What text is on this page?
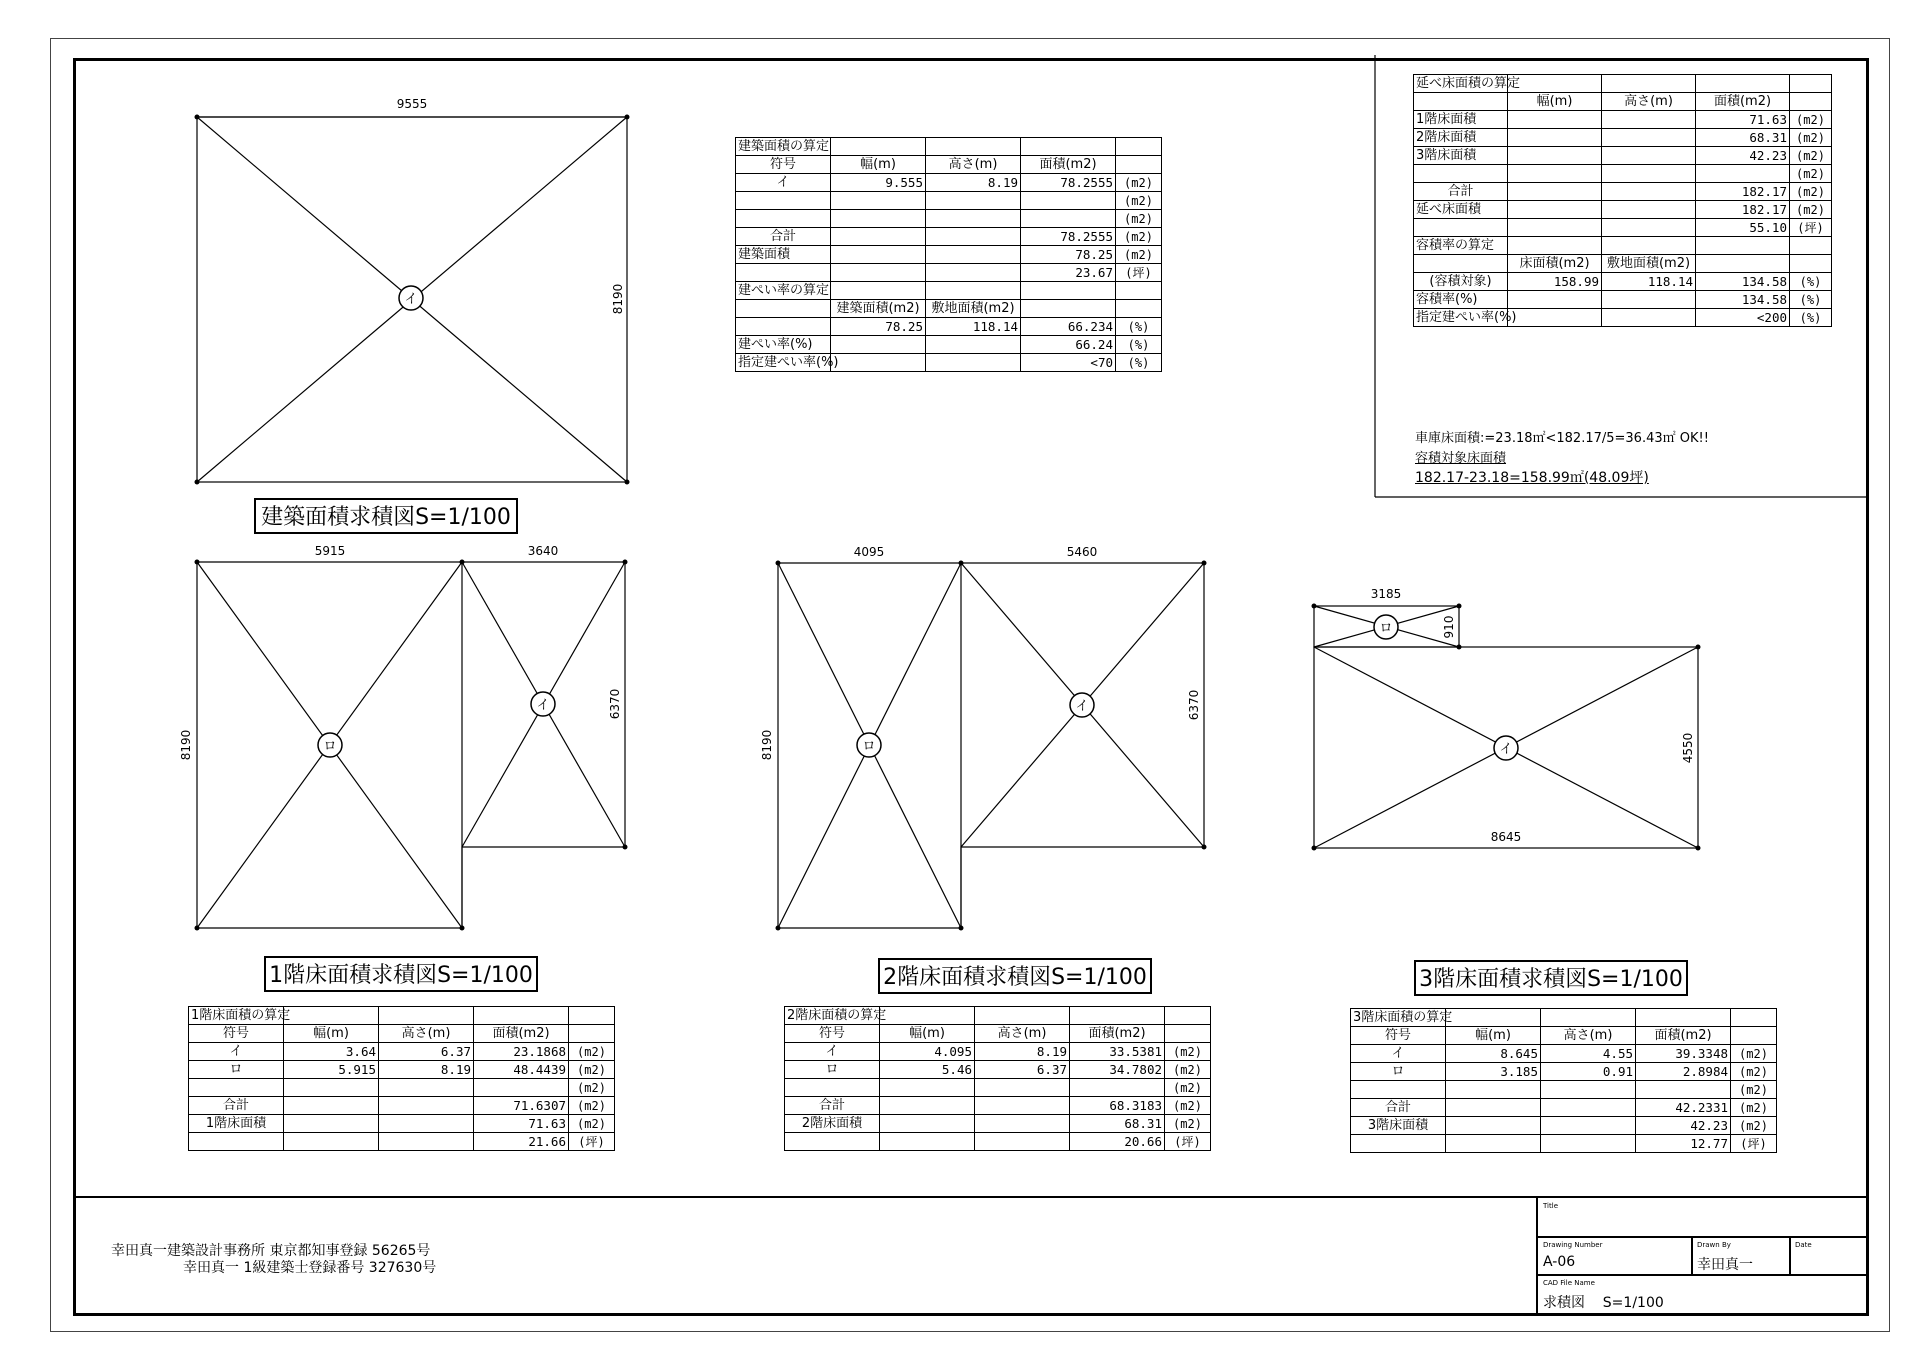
イ
ロ
イ
ロ
イ
ロ
イ
9555
8190
5915	3640
8190
6370
4095	5460
8190
6370
3185
910
8645
4550
建築面積求積図S=1/100
1階床面積求積図S=1/100	2階床面積求積図S=1/100	3階床面積求積図S=1/100
建築面積の算定				
符号	幅(m)	高さ(m)	面積(m2)	
イ	9.555	8.19	78.2555	(m2)
				(m2)
				(m2)
合計			78.2555	(m2)
建築面積			78.25	(m2)
			23.67	(坪)
建ぺい率の算定				
	建築面積(m2)	敷地面積(m2)		
	78.25	118.14	66.234	(%)
建ぺい率(%)			66.24	(%)
指定建ぺい率(%)			<70	(%)
延べ床面積の算定				
	幅(m)	高さ(m)	面積(m2)	
1階床面積			71.63	(m2)
2階床面積			68.31	(m2)
3階床面積			42.23	(m2)
				(m2)
合計			182.17	(m2)
延べ床面積			182.17	(m2)
			55.10	(坪)
容積率の算定				
	床面積(m2)	敷地面積(m2)		
(容積対象)	158.99	118.14	134.58	(%)
容積率(%)			134.58	(%)
指定建ぺい率(%)			<200	(%)
車庫床面積:=23.18㎡<182.17/5=36.43㎡ OK!!
容積対象床面積
182.17-23.18=158.99㎡(48.09坪)
1階床面積の算定				
符号	幅(m)	高さ(m)	面積(m2)	
イ	3.64	6.37	23.1868	(m2)
ロ	5.915	8.19	48.4439	(m2)
				(m2)
合計			71.6307	(m2)
1階床面積			71.63	(m2)
			21.66	(坪)
2階床面積の算定				
符号	幅(m)	高さ(m)	面積(m2)	
イ	4.095	8.19	33.5381	(m2)
ロ	5.46	6.37	34.7802	(m2)
				(m2)
合計			68.3183	(m2)
2階床面積			68.31	(m2)
			20.66	(坪)
3階床面積の算定				
符号	幅(m)	高さ(m)	面積(m2)	
イ	8.645	4.55	39.3348	(m2)
ロ	3.185	0.91	2.8984	(m2)
				(m2)
合計			42.2331	(m2)
3階床面積			42.23	(m2)
			12.77	(坪)
幸田真一建築設計事務所 東京都知事登録 56265号
幸田真一 1級建築士登録番号 327630号
Title
Drawing Number
A-06
Drawn By
幸田真一
Date
CAD File Name
求積図    S=1/100
